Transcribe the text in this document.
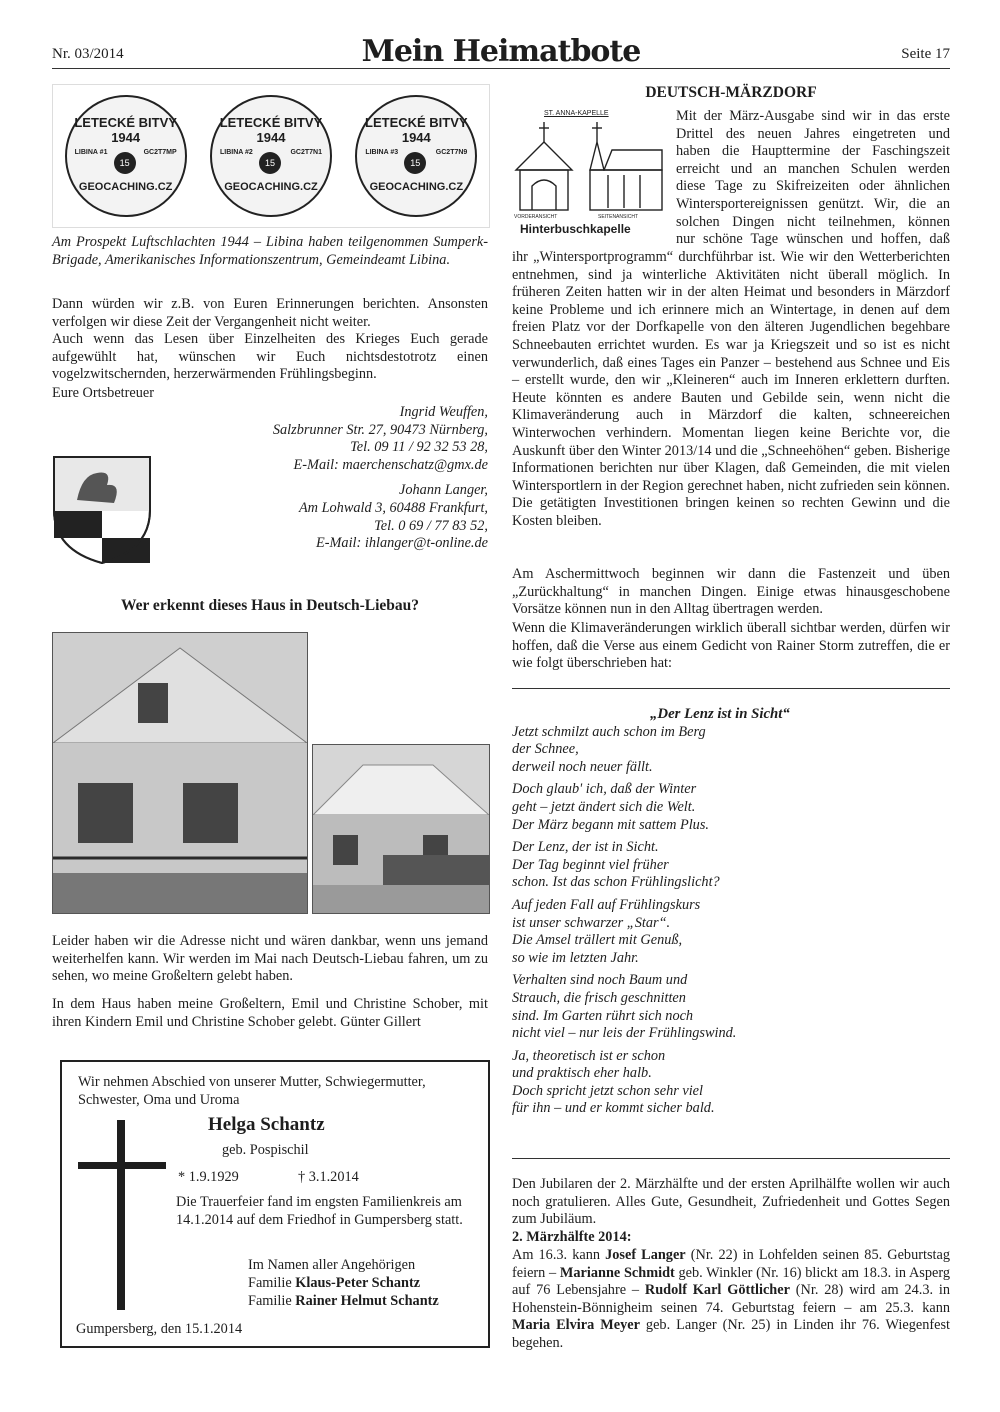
Nr. 03/2014	Mein Heimatbote	Seite 17
LETECKÉ BITVY 1944
LIBINA #1	GC2T7MP
15
GEOCACHING.CZ
LETECKÉ BITVY 1944
LIBINA #2	GC2T7N1
15
GEOCACHING.CZ
LETECKÉ BITVY 1944
LIBINA #3	GC2T7N9
15
GEOCACHING.CZ

Am Prospekt Luftschlachten 1944 – Libina haben teilgenommen Sumperk-Brigade, Amerikanisches Informationszentrum, Gemeindeamt Libina.

Dann würden wir z.B. von Euren Erinnerungen berichten. Ansonsten verfolgen wir diese Zeit der Vergangenheit nicht weiter.

Auch wenn das Lesen über Einzelheiten des Krieges Euch gerade aufgewühlt hat, wünschen wir Euch nichtsdestotrotz einen vogelzwitschernden, herzerwärmenden Frühlingsbeginn.

Eure Ortsbetreuer

Ingrid Weuffen,
Salzbrunner Str. 27, 90473 Nürnberg,
Tel. 09 11 / 92 32 53 28,
E-Mail: maerchenschatz@gmx.de
Johann Langer,
Am Lohwald 3, 60488 Frankfurt,
Tel. 0 69 / 77 83 52,
E-Mail: ihlanger@t-online.de
Wer erkennt dieses Haus in Deutsch-Liebau?

Leider haben wir die Adresse nicht und wären dankbar, wenn uns jemand weiterhelfen kann. Wir werden im Mai nach Deutsch-Liebau fahren, um zu sehen, wo meine Großeltern gelebt haben.

In dem Haus haben meine Großeltern, Emil und Christine Schober, mit ihren Kindern Emil und Christine Schober gelebt. Günter Gillert

Wir nehmen Abschied von unserer Mutter, Schwiegermutter, Schwester, Oma und Uroma

Helga Schantz
geb. Pospischil
* 1.9.1929	† 3.1.2014

Die Trauerfeier fand im engsten Familienkreis am 14.1.2014 auf dem Friedhof in Gumpersberg statt.

Im Namen aller Angehörigen
Familie Klaus-Peter Schantz
Familie Rainer Helmut Schantz
Gumpersberg, den 15.1.2014
DEUTSCH-MÄRZDORF
ST. ANNA-KAPELLE
VORDERANSICHT	SEITENANSICHT
Hinterbuschkapelle
Mit der März-Ausgabe sind wir in das erste
Drittel des neuen Jahres eingetreten und
haben die Haupttermine der Faschingszeit
erreicht und an manchen Schulen werden
diese Tage zu Skifreizeiten oder ähnlichen
Wintersportereignissen genützt. Wir, die an
solchen Dingen nicht teilnehmen, können
nur schöne Tage wünschen und hoffen, daß

ihr „Wintersportprogramm“ durchführbar ist. Wie wir den Wetterberichten entnehmen, sind ja winterliche Aktivitäten nicht überall möglich. In früheren Zeiten hatten wir in der alten Heimat und besonders in Märzdorf keine Probleme und ich erinnere mich an Wintertage, in denen auf dem freien Platz vor der Dorfkapelle von den älteren Jugendlichen begehbare Schneebauten errichtet wurden. Es war ja Kriegszeit und so ist es nicht verwunderlich, daß eines Tages ein Panzer – bestehend aus Schnee und Eis – erstellt wurde, den wir „Kleineren“ auch im Inneren erklettern durften. Heute könnten es andere Bauten und Gebilde sein, wenn nicht die Klimaveränderung auch in Märzdorf die kalten, schneereichen Winterwochen verhindern. Momentan liegen keine Berichte vor, die Auskunft über den Winter 2013/14 und die „Schneehöhen“ geben. Bisherige Informationen berichten nur über Klagen, daß Gemeinden, die mit vielen Wintersportlern in der Region gerechnet haben, nicht zufrieden sein können. Die getätigten Investitionen bringen keinen so rechten Gewinn und die Kosten bleiben.

Am Aschermittwoch beginnen wir dann die Fastenzeit und üben „Zurückhaltung“ in manchen Dingen. Einige etwas hinausgeschobene Vorsätze können nun in den Alltag übertragen werden.

Wenn die Klimaveränderungen wirklich überall sichtbar werden, dürfen wir hoffen, daß die Verse aus einem Gedicht von Rainer Storm zutreffen, die er wie folgt überschrieben hat:

„Der Lenz ist in Sicht“
Jetzt schmilzt auch schon im Berg
der Schnee,
derweil noch neuer fällt.
Doch glaub' ich, daß der Winter
geht – jetzt ändert sich die Welt.
Der März begann mit sattem Plus.
Der Lenz, der ist in Sicht.
Der Tag beginnt viel früher
schon. Ist das schon Frühlingslicht?
Auf jeden Fall auf Frühlingskurs
ist unser schwarzer „Star“.
Die Amsel trällert mit Genuß,
so wie im letzten Jahr.
Verhalten sind noch Baum und
Strauch, die frisch geschnitten
sind. Im Garten rührt sich noch
nicht viel – nur leis der Frühlingswind.
Ja, theoretisch ist er schon
und praktisch eher halb.
Doch spricht jetzt schon sehr viel
für ihn – und er kommt sicher bald.

Den Jubilaren der 2. Märzhälfte und der ersten Aprilhälfte wollen wir auch noch gratulieren. Alles Gute, Gesundheit, Zufriedenheit und Gottes Segen zum Jubiläum.

2. Märzhälfte 2014:

Am 16.3. kann Josef Langer (Nr. 22) in Lohfelden seinen 85. Geburtstag feiern – Marianne Schmidt geb. Winkler (Nr. 16) blickt am 18.3. in Asperg auf 76 Lebensjahre – Rudolf Karl Göttlicher (Nr. 28) wird am 24.3. in Hohenstein-Bönnigheim seinen 74. Geburtstag feiern – am 25.3. kann Maria Elvira Meyer geb. Langer (Nr. 25) in Linden ihr 76. Wiegenfest begehen.
